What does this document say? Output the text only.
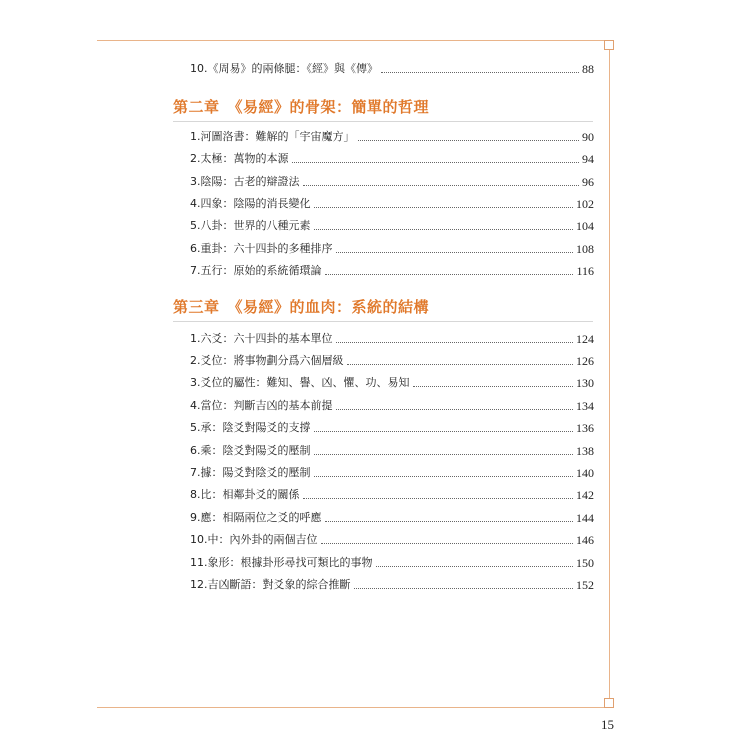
10.《周易》的兩條腿：《經》與《傳》	88
第二章　《易經》的骨架：簡單的哲理
1.河圖洛書：難解的「宇宙魔方」	90
2.太極：萬物的本源	94
3.陰陽：古老的辯證法	96
4.四象：陰陽的消長變化	102
5.八卦：世界的八種元素	104
6.重卦：六十四卦的多種排序	108
7.五行：原始的系統循環論	116
第三章　《易經》的血肉：系統的結構
1.六爻：六十四卦的基本單位	124
2.爻位：將事物劃分爲六個層級	126
3.爻位的屬性：難知、譽、凶、懼、功、易知	130
4.當位：判斷吉凶的基本前提	134
5.承：陰爻對陽爻的支撐	136
6.乘：陰爻對陽爻的壓制	138
7.據：陽爻對陰爻的壓制	140
8.比：相鄰卦爻的關係	142
9.應：相隔兩位之爻的呼應	144
10.中：內外卦的兩個吉位	146
11.象形：根據卦形尋找可類比的事物	150
12.吉凶斷語：對爻象的綜合推斷	152
15
